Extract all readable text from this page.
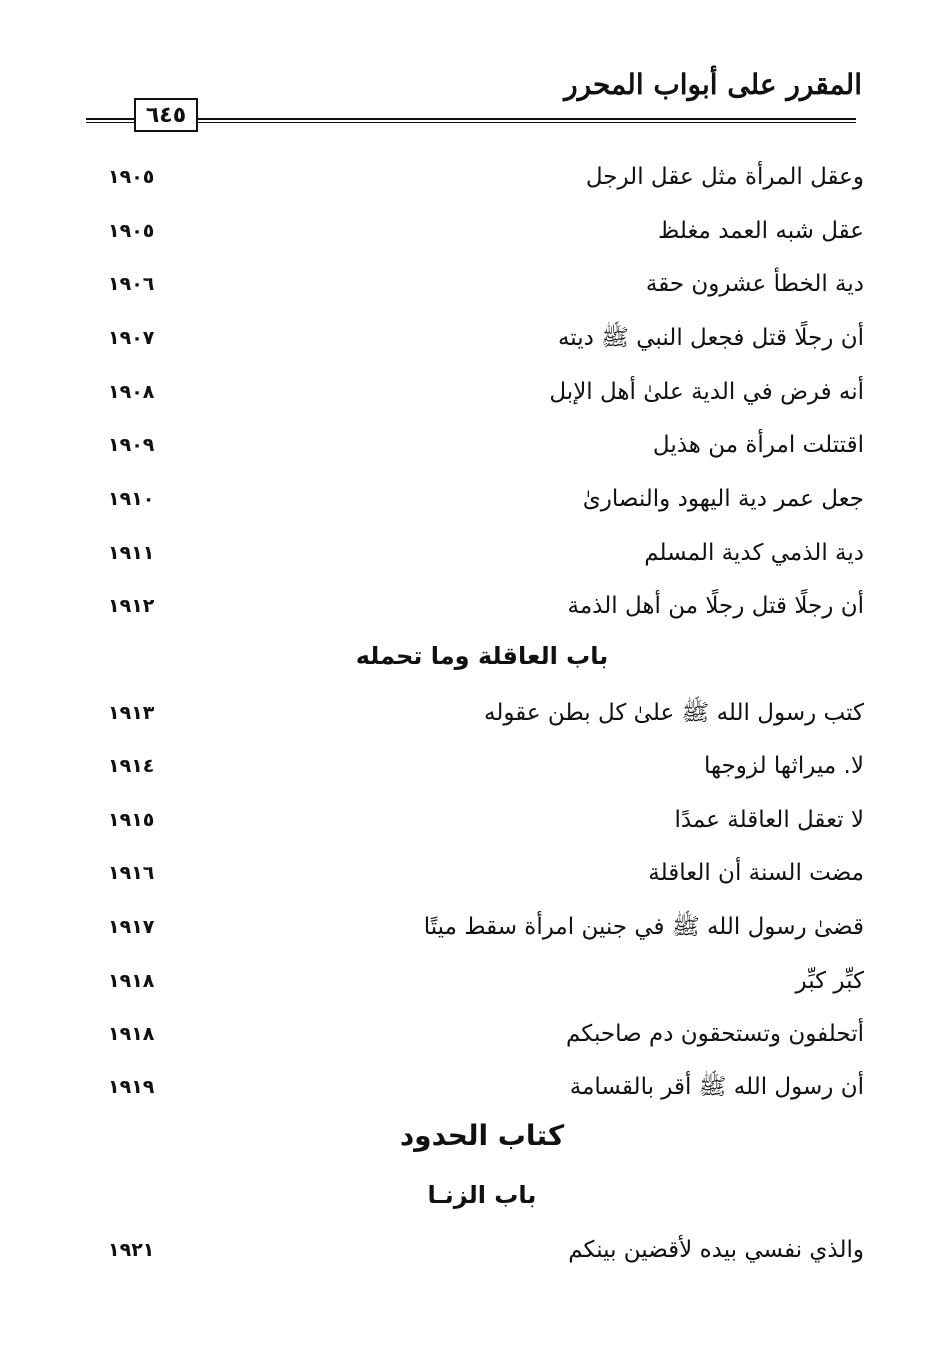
المقرر على أبواب المحرر
٦٤٥
وعقل المرأة مثل عقل الرجل
١٩٠٥
عقل شبه العمد مغلظ
١٩٠٥
دية الخطأ عشرون حقة
١٩٠٦
أن رجلًا قتل فجعل النبي ﷺ ديته
١٩٠٧
أنه فرض في الدية علىٰ أهل الإبل
١٩٠٨
اقتتلت امرأة من هذيل
١٩٠٩
جعل عمر دية اليهود والنصارىٰ
١٩١٠
دية الذمي كدية المسلم
١٩١١
أن رجلًا قتل رجلًا من أهل الذمة
١٩١٢
باب العاقلة وما تحمله
كتب رسول الله ﷺ علىٰ كل بطن عقوله
١٩١٣
لا. ميراثها لزوجها
١٩١٤
لا تعقل العاقلة عمدًا
١٩١٥
مضت السنة أن العاقلة
١٩١٦
قضىٰ رسول الله ﷺ في جنين امرأة سقط ميتًا
١٩١٧
كبِّر كبِّر
١٩١٨
أتحلفون وتستحقون دم صاحبكم
١٩١٨
أن رسول الله ﷺ أقر بالقسامة
١٩١٩
كتاب الحدود
باب الزنـا
والذي نفسي بيده لأقضين بينكم
١٩٢١
